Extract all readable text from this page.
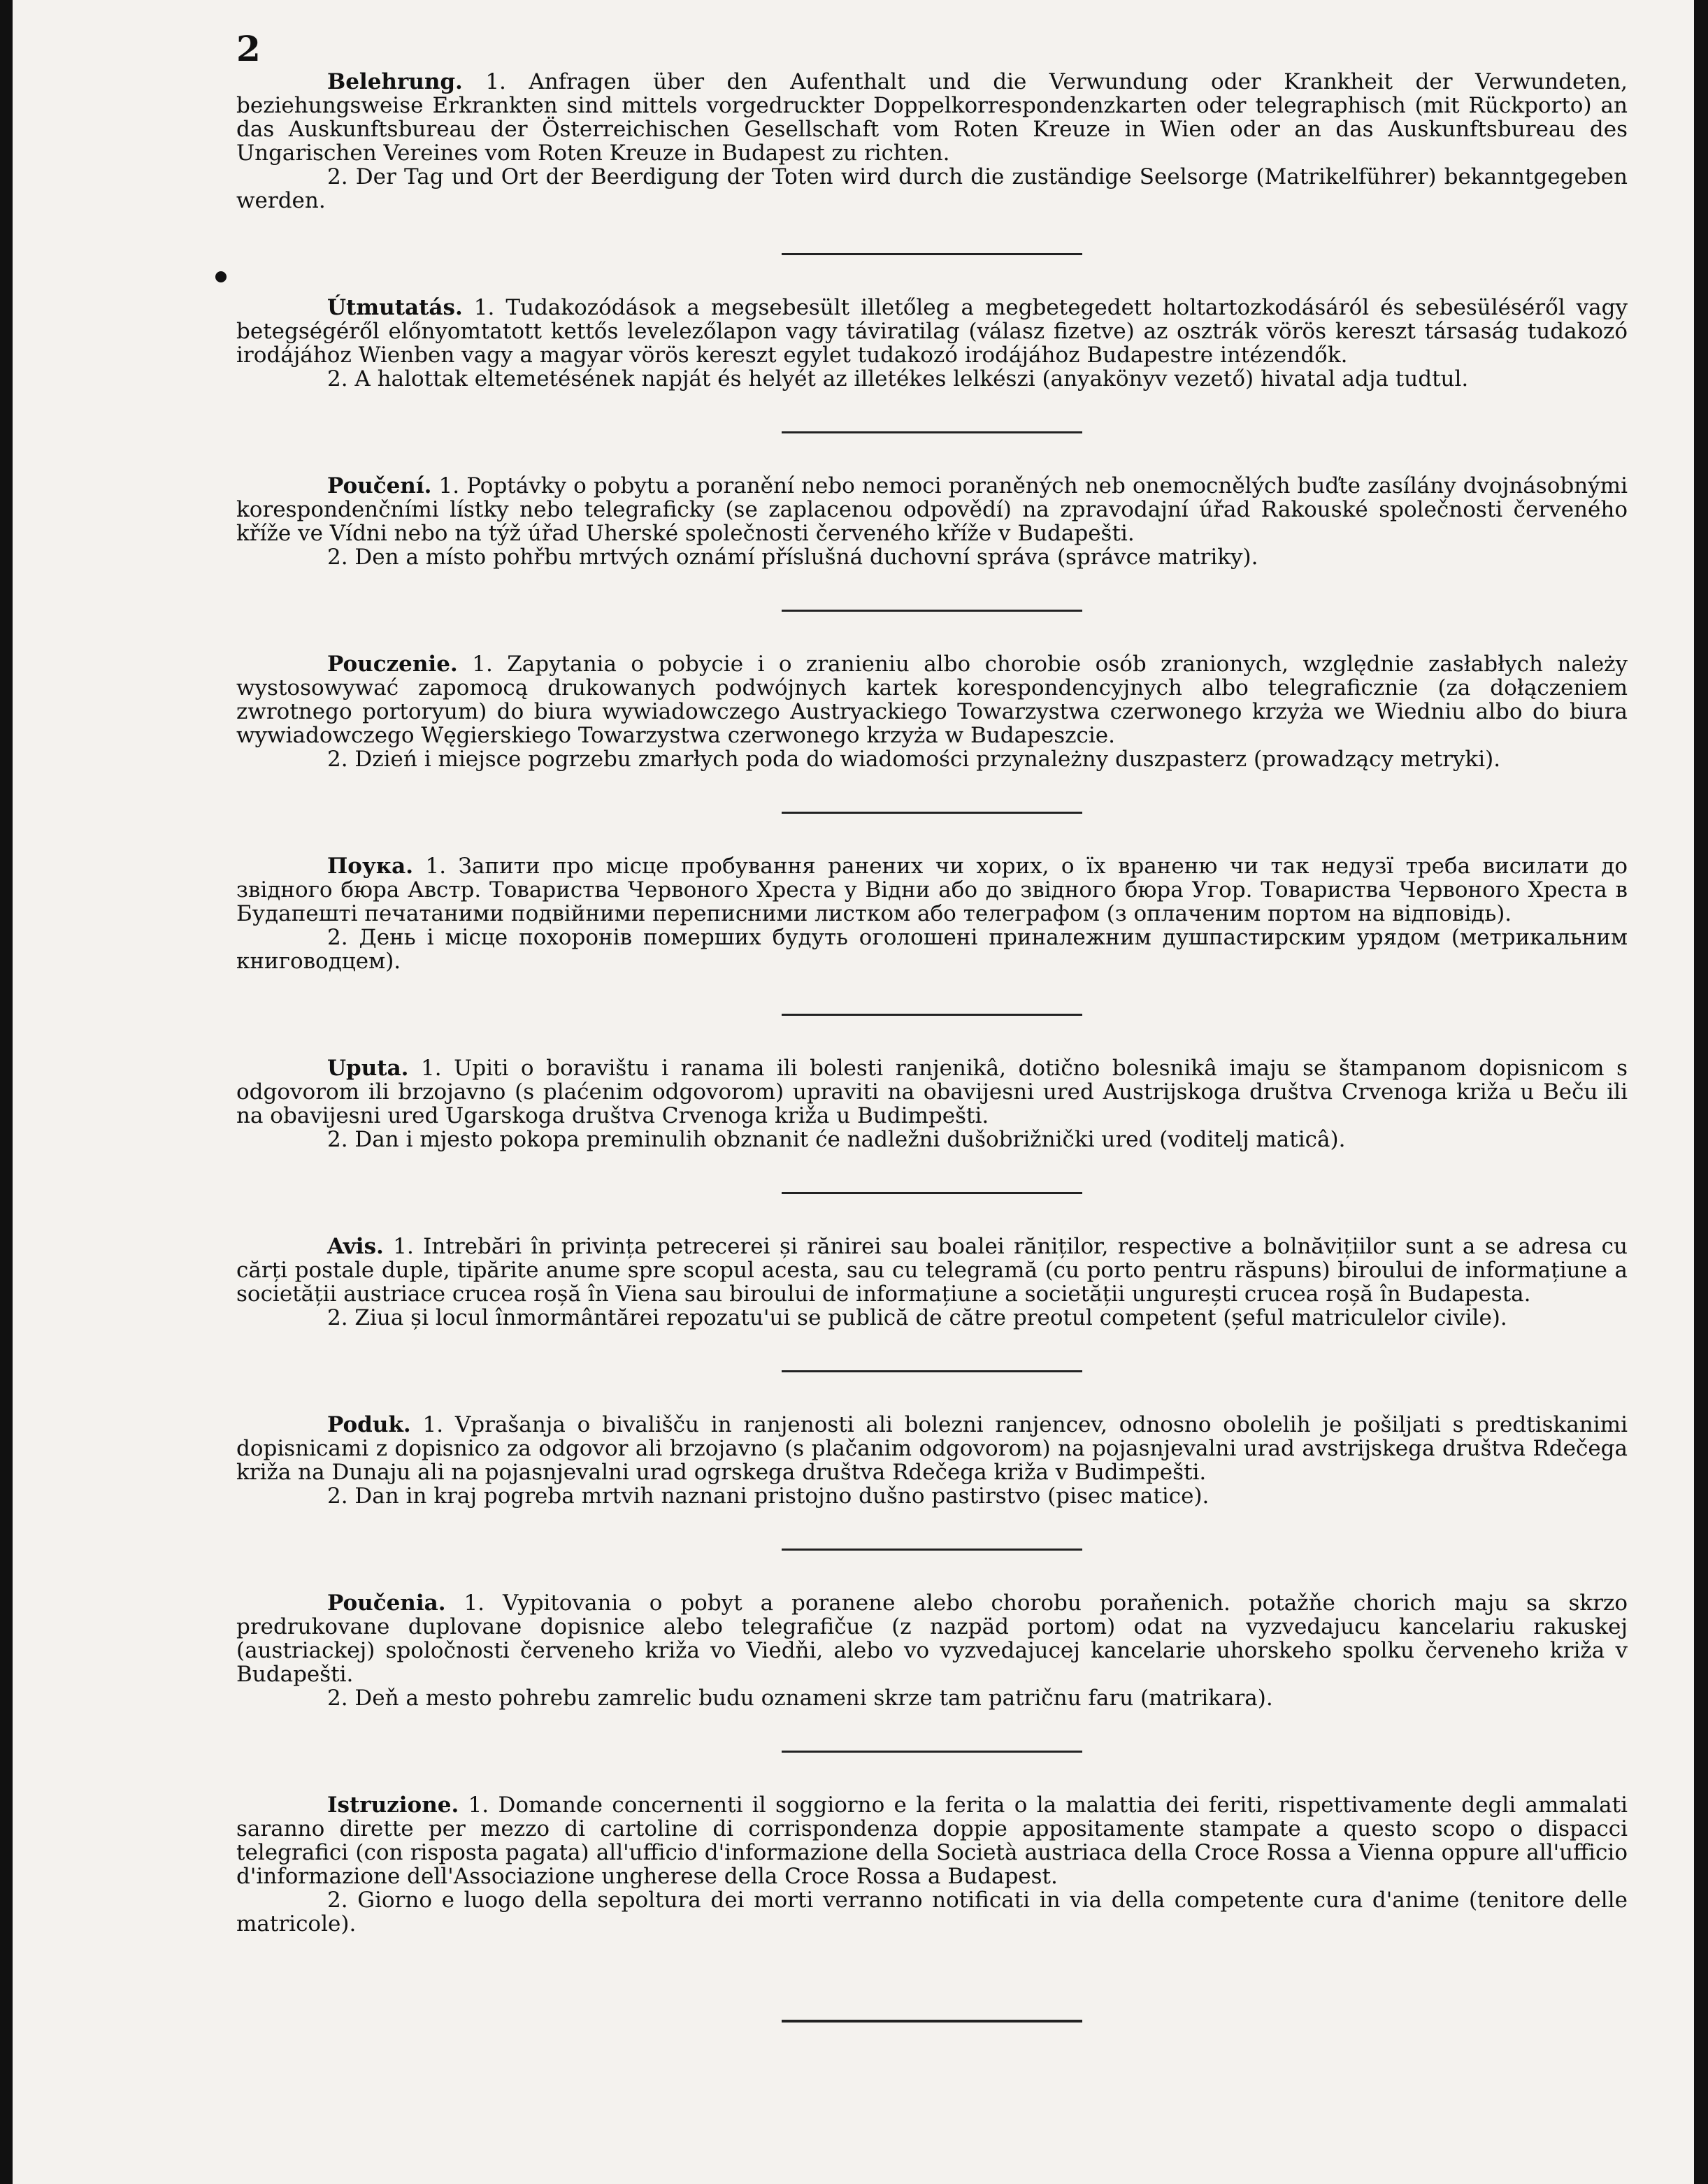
2

Belehrung. 1. Anfragen über den Aufenthalt und die Verwundung oder Krankheit der Verwundeten, beziehungsweise Erkrankten sind mittels vorgedruckter Doppelkorrespondenzkarten oder telegraphisch (mit Rückporto) an das Auskunftsbureau der Österreichischen Gesellschaft vom Roten Kreuze in Wien oder an das Auskunftsbureau des Ungarischen Vereines vom Roten Kreuze in Budapest zu richten.

2. Der Tag und Ort der Beerdigung der Toten wird durch die zuständige Seelsorge (Matrikelführer) bekanntgegeben werden.

Útmutatás. 1. Tudakozódások a megsebesült illetőleg a megbetegedett holtartozkodásáról és sebesüléséről vagy betegségéről előnyomtatott kettős levelezőlapon vagy táviratilag (válasz fizetve) az osztrák vörös kereszt társaság tudakozó irodájához Wienben vagy a magyar vörös kereszt egylet tudakozó irodájához Budapestre intézendők.

2. A halottak eltemetésének napját és helyét az illetékes lelkészi (anyakönyv vezető) hivatal adja tudtul.

Poučení. 1. Poptávky o pobytu a poranění nebo nemoci poraněných neb onemocnělých buďte zasílány dvojnásobnými korespondenčními lístky nebo telegraficky (se zaplacenou odpovědí) na zpravodajní úřad Rakouské společnosti červeného kříže ve Vídni nebo na týž úřad Uherské společnosti červeného kříže v Budapešti.

2. Den a místo pohřbu mrtvých oznámí příslušná duchovní správa (správce matriky).

Pouczenie. 1. Zapytania o pobycie i o zranieniu albo chorobie osób zranionych, względnie zasłabłych należy wystosowywać zapomocą drukowanych podwójnych kartek korespondencyjnych albo telegraficznie (za dołączeniem zwrotnego portoryum) do biura wywiadowczego Austryackiego Towarzystwa czerwonego krzyża we Wiedniu albo do biura wywiadowczego Węgierskiego Towarzystwa czerwonego krzyża w Budapeszcie.

2. Dzień i miejsce pogrzebu zmarłych poda do wiadomości przynależny duszpasterz (prowadzący metryki).

Поука. 1. Запити про місце пробування ранених чи хорих, о їх враненю чи так недузї треба висилати до звідного бюра Австр. Товариства Червоного Хреста у Відни або до звідного бюра Угор. Товариства Червоного Хреста в Будапешті печатаними подвійними переписними листком або телеграфом (з оплаченим портом на відповідь).

2. День і місце похоронів померших будуть оголошені приналежним душпастирским урядом (метрикальним книговодцем).

Uputa. 1. Upiti o boravištu i ranama ili bolesti ranjenikâ, dotično bolesnikâ imaju se štampanom dopisnicom s odgovorom ili brzojavno (s plaćenim odgovorom) upraviti na obavijesni ured Austrijskoga društva Crvenoga križa u Beču ili na obavijesni ured Ugarskoga društva Crvenoga križa u Budimpešti.

2. Dan i mjesto pokopa preminulih obznanit će nadležni dušobrižnički ured (voditelj maticâ).

Avis. 1. Intrebări în privința petrecerei și rănirei sau boalei răniților, respective a bolnăvițiilor sunt a se adresa cu cărți postale duple, tipărite anume spre scopul acesta, sau cu telegramă (cu porto pentru răspuns) biroului de informațiune a societății austriace crucea roșă în Viena sau biroului de informațiune a societății ungurești crucea roșă în Budapesta.

2. Ziua și locul înmormântărei repozatu'ui se publică de către preotul competent (șeful matriculelor civile).

Poduk. 1. Vprašanja o bivališču in ranjenosti ali bolezni ranjencev, odnosno obolelih je pošiljati s predtiskanimi dopisnicami z dopisnico za odgovor ali brzojavno (s plačanim odgovorom) na pojasnjevalni urad avstrijskega društva Rdečega križa na Dunaju ali na pojasnjevalni urad ogrskega društva Rdečega križa v Budimpešti.

2. Dan in kraj pogreba mrtvih naznani pristojno dušno pastirstvo (pisec matice).

Poučenia. 1. Vypitovania o pobyt a poranene alebo chorobu poraňenich. potažňe chorich maju sa skrzo predrukovane duplovane dopisnice alebo telegrafičue (z nazpäd portom) odat na vyzvedajucu kancelariu rakuskej (austriackej) spoločnosti červeneho križa vo Viedňi, alebo vo vyzvedajucej kancelarie uhorskeho spolku červeneho križa v Budapešti.

2. Deň a mesto pohrebu zamrelic budu oznameni skrze tam patričnu faru (matrikara).

Istruzione. 1. Domande concernenti il soggiorno e la ferita o la malattia dei feriti, rispettivamente degli ammalati saranno dirette per mezzo di cartoline di corrispondenza doppie appositamente stampate a questo scopo o dispacci telegrafici (con risposta pagata) all'ufficio d'informazione della Società austriaca della Croce Rossa a Vienna oppure all'ufficio d'informazione dell'Associazione ungherese della Croce Rossa a Budapest.

2. Giorno e luogo della sepoltura dei morti verranno notificati in via della competente cura d'anime (tenitore delle matricole).
